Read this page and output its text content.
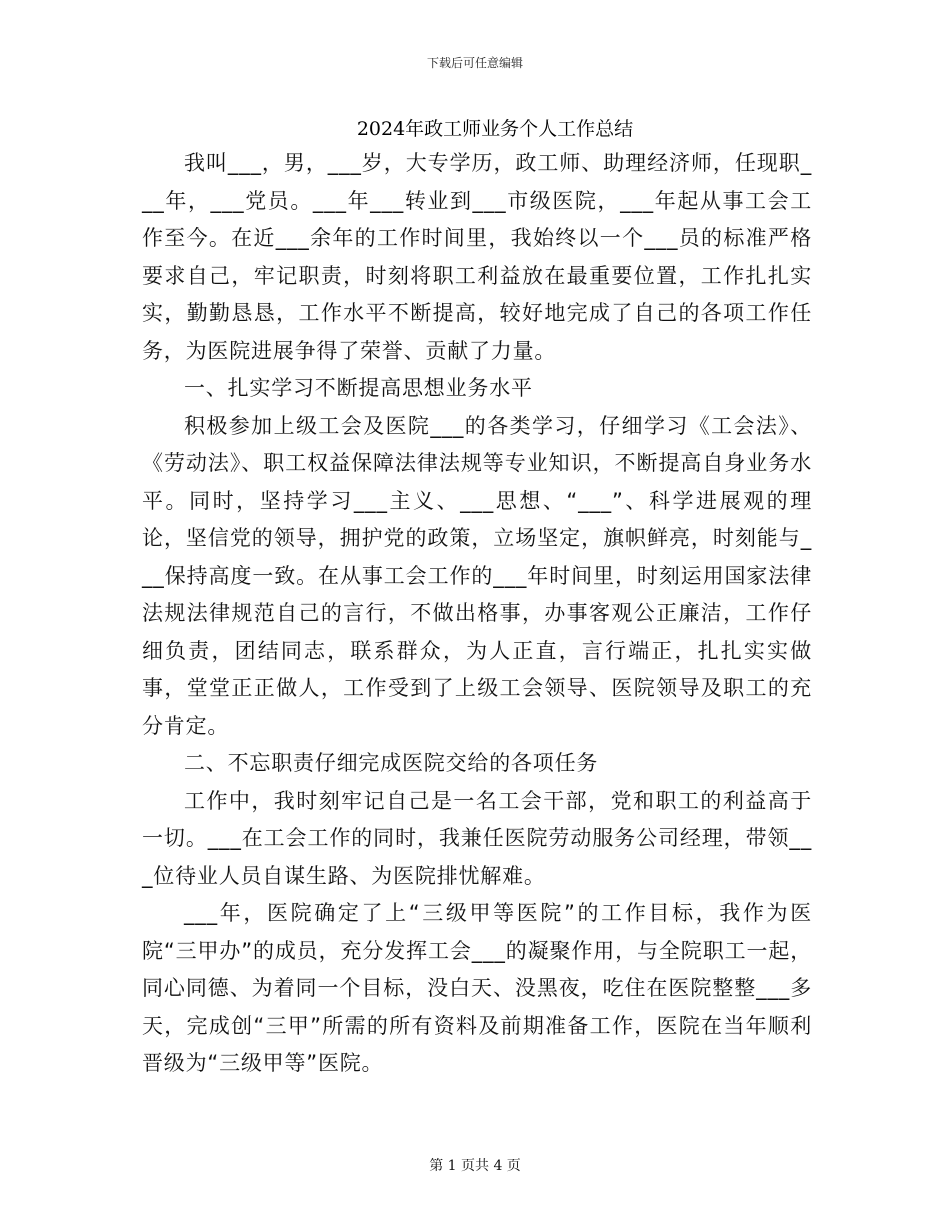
下载后可任意编辑
2024年政工师业务个人工作总结

我叫___，男，___岁，大专学历，政工师、助理经济师，任现职___年，___党员。___年___转业到___市级医院，___年起从事工会工作至今。在近___余年的工作时间里，我始终以一个___员的标准严格要求自己，牢记职责，时刻将职工利益放在最重要位置，工作扎扎实实，勤勤恳恳，工作水平不断提高，较好地完成了自己的各项工作任务，为医院进展争得了荣誉、贡献了力量。

一、扎实学习不断提高思想业务水平

积极参加上级工会及医院___的各类学习，仔细学习《工会法》、《劳动法》、职工权益保障法律法规等专业知识，不断提高自身业务水平。同时，坚持学习___主义、___思想、“___”、科学进展观的理论，坚信党的领导，拥护党的政策，立场坚定，旗帜鲜亮，时刻能与___保持高度一致。在从事工会工作的___年时间里，时刻运用国家法律法规法律规范自己的言行，不做出格事，办事客观公正廉洁，工作仔细负责，团结同志，联系群众，为人正直，言行端正，扎扎实实做事，堂堂正正做人，工作受到了上级工会领导、医院领导及职工的充分肯定。

二、不忘职责仔细完成医院交给的各项任务

工作中，我时刻牢记自己是一名工会干部，党和职工的利益高于一切。___在工会工作的同时，我兼任医院劳动服务公司经理，带领___位待业人员自谋生路、为医院排忧解难。

___年，医院确定了上“三级甲等医院”的工作目标，我作为医院“三甲办”的成员，充分发挥工会___的凝聚作用，与全院职工一起，同心同德、为着同一个目标，没白天、没黑夜，吃住在医院整整___多天，完成创“三甲”所需的所有资料及前期准备工作，医院在当年顺利晋级为“三级甲等”医院。

第 1 页共 4 页
